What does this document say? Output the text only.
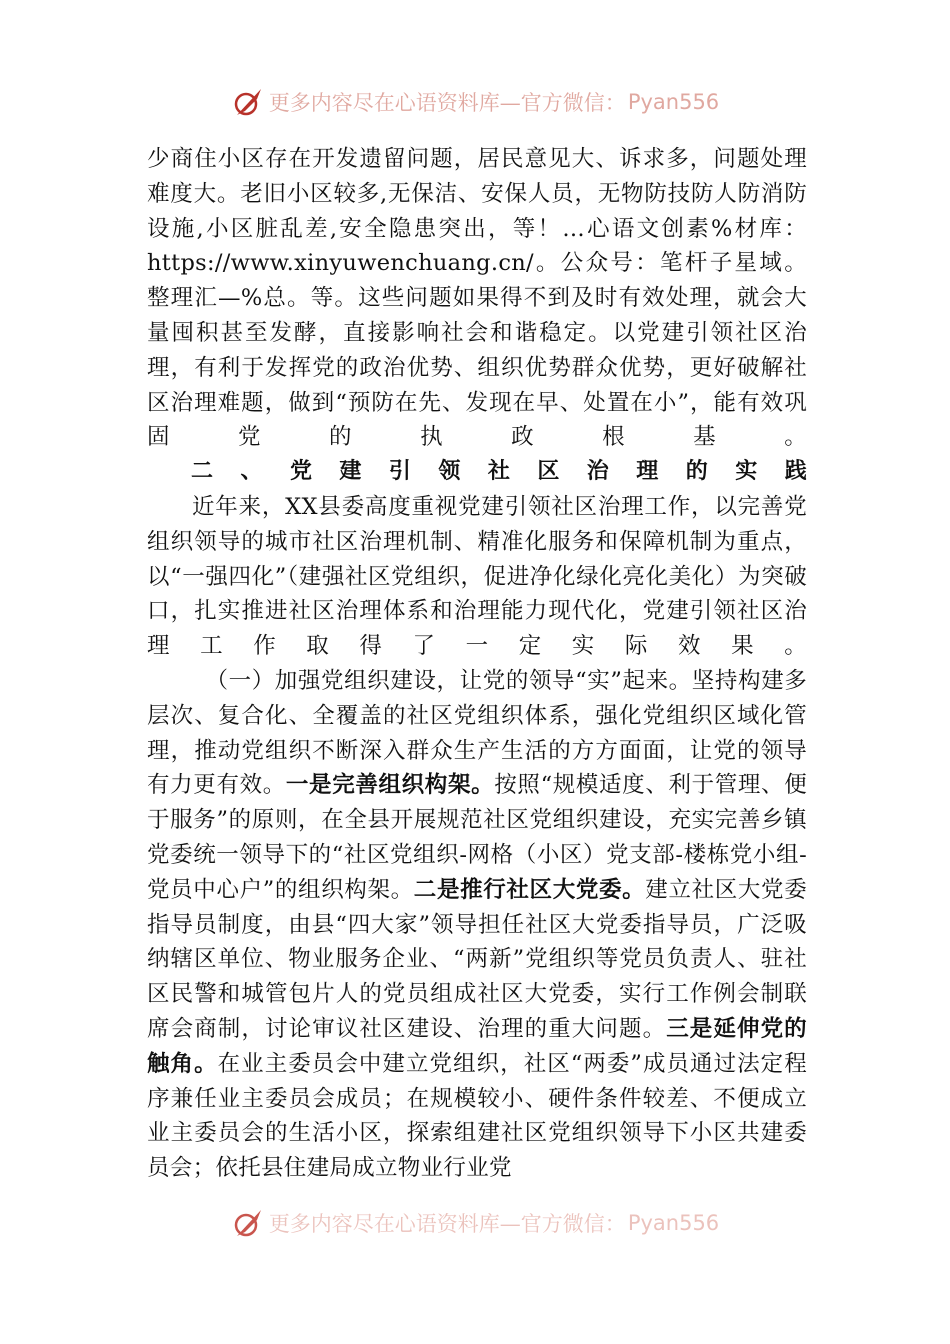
更多内容尽在心语资料库—官方微信： Pyan556

少商住小区存在开发遗留问题，居民意见大、诉求多，问题处理难度大。老旧小区较多,无保洁、安保人员，无物防技防人防消防设施,小区脏乱差,安全隐患突出，等！…心语文创素%材库：https://www.xinyuwenchuang.cn/。公众号：笔杆子星域。整理汇—%总。等。这些问题如果得不到及时有效处理，就会大量囤积甚至发酵，直接影响社会和谐稳定。以党建引领社区治理，有利于发挥党的政治优势、组织优势群众优势，更好破解社区治理难题，做到“预防在先、发现在早、处置在小”，能有效巩固党的执政根基。

二、党建引领社区治理的实践

近年来，XX县委高度重视党建引领社区治理工作，以完善党组织领导的城市社区治理机制、精准化服务和保障机制为重点，以“一强四化”（建强社区党组织，促进净化绿化亮化美化）为突破口，扎实推进社区治理体系和治理能力现代化，党建引领社区治理工作取得了一定实际效果。

（一）加强党组织建设，让党的领导“实”起来。坚持构建多层次、复合化、全覆盖的社区党组织体系，强化党组织区域化管理，推动党组织不断深入群众生产生活的方方面面，让党的领导有力更有效。一是完善组织构架。按照“规模适度、利于管理、便于服务”的原则，在全县开展规范社区党组织建设，充实完善乡镇党委统一领导下的“社区党组织-网格（小区）党支部-楼栋党小组-党员中心户”的组织构架。二是推行社区大党委。建立社区大党委指导员制度，由县“四大家”领导担任社区大党委指导员，广泛吸纳辖区单位、物业服务企业、“两新”党组织等党员负责人、驻社区民警和城管包片人的党员组成社区大党委，实行工作例会制联席会商制，讨论审议社区建设、治理的重大问题。三是延伸党的触角。在业主委员会中建立党组织，社区“两委”成员通过法定程序兼任业主委员会成员；在规模较小、硬件条件较差、不便成立业主委员会的生活小区，探索组建社区党组织领导下小区共建委员会；依托县住建局成立物业行业党

更多内容尽在心语资料库—官方微信： Pyan556
